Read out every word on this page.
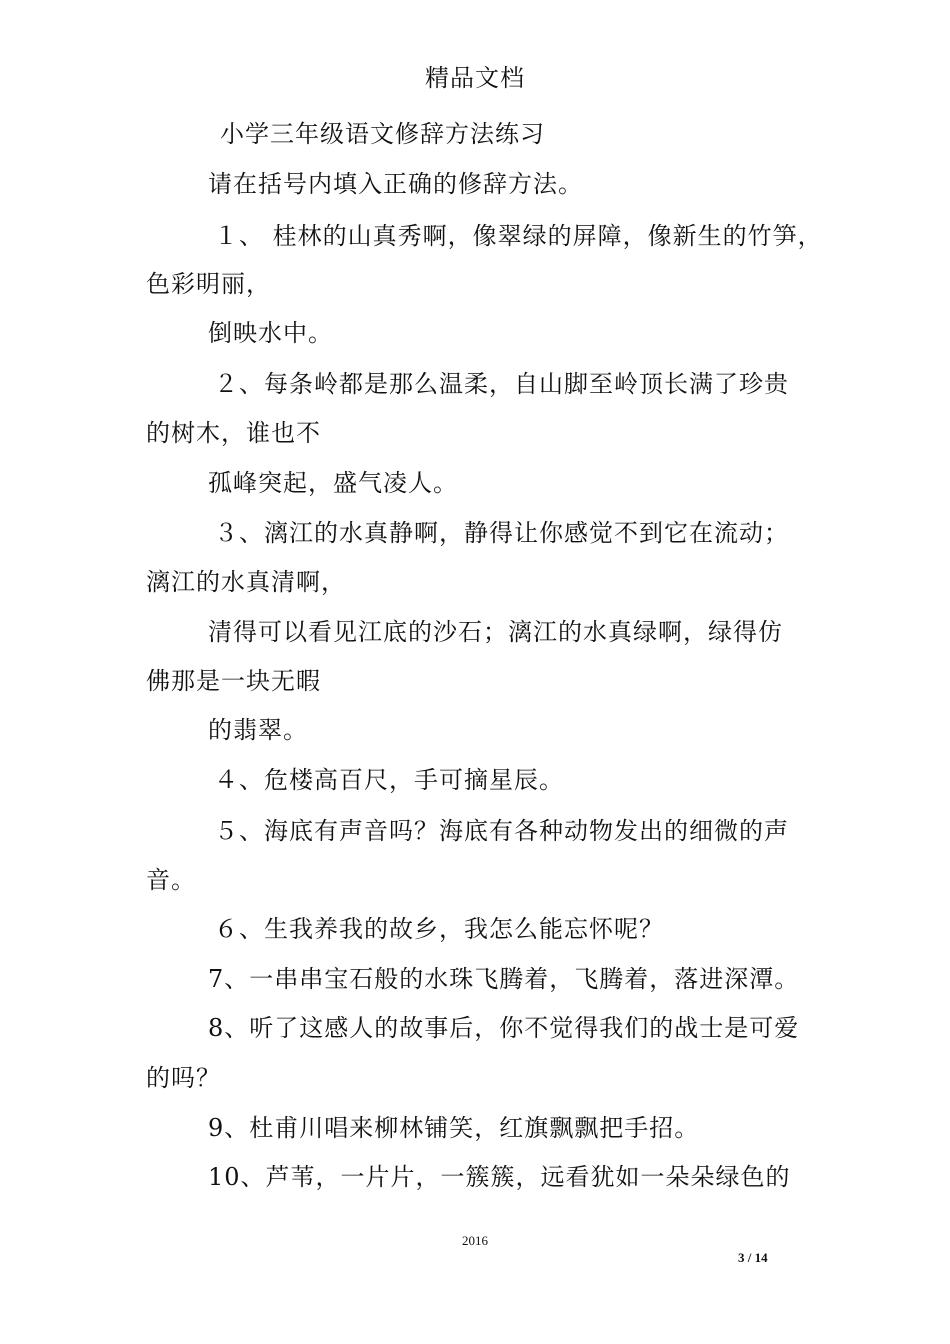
精品文档
小学三年级语文修辞方法练习
请在括号内填入正确的修辞方法。
１、 桂林的山真秀啊，像翠绿的屏障，像新生的竹笋，
色彩明丽，
倒映水中。
２、每条岭都是那么温柔，自山脚至岭顶长满了珍贵
的树木，谁也不
孤峰突起，盛气凌人。
３、漓江的水真静啊，静得让你感觉不到它在流动；
漓江的水真清啊，
清得可以看见江底的沙石；漓江的水真绿啊，绿得仿
佛那是一块无暇
的翡翠。
４、危楼高百尺，手可摘星辰。
５、海底有声音吗？海底有各种动物发出的细微的声
音。
６、生我养我的故乡，我怎么能忘怀呢？
7、一串串宝石般的水珠飞腾着，飞腾着，落进深潭。
8、听了这感人的故事后，你不觉得我们的战士是可爱
的吗？
9、杜甫川唱来柳林铺笑，红旗飘飘把手招。
10、芦苇，一片片，一簇簇，远看犹如一朵朵绿色的
2016
3 / 14
